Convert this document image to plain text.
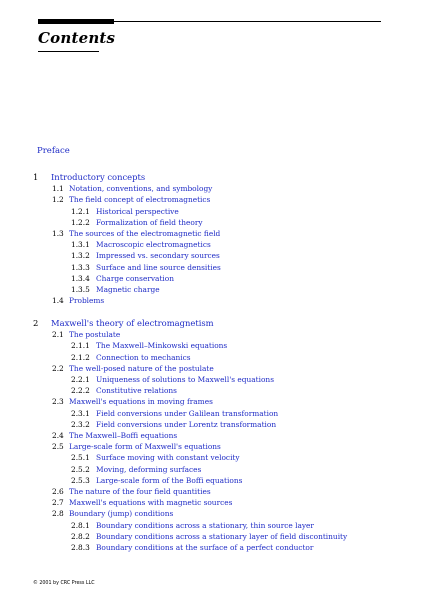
Contents
Preface
1 Introductory concepts
1.1 Notation, conventions, and symbology
1.2 The field concept of electromagnetics
1.2.1 Historical perspective
1.2.2 Formalization of field theory
1.3 The sources of the electromagnetic field
1.3.1 Macroscopic electromagnetics
1.3.2 Impressed vs. secondary sources
1.3.3 Surface and line source densities
1.3.4 Charge conservation
1.3.5 Magnetic charge
1.4 Problems
2 Maxwell's theory of electromagnetism
2.1 The postulate
2.1.1 The Maxwell–Minkowski equations
2.1.2 Connection to mechanics
2.2 The well-posed nature of the postulate
2.2.1 Uniqueness of solutions to Maxwell's equations
2.2.2 Constitutive relations
2.3 Maxwell's equations in moving frames
2.3.1 Field conversions under Galilean transformation
2.3.2 Field conversions under Lorentz transformation
2.4 The Maxwell–Boffi equations
2.5 Large-scale form of Maxwell's equations
2.5.1 Surface moving with constant velocity
2.5.2 Moving, deforming surfaces
2.5.3 Large-scale form of the Boffi equations
2.6 The nature of the four field quantities
2.7 Maxwell's equations with magnetic sources
2.8 Boundary (jump) conditions
2.8.1 Boundary conditions across a stationary, thin source layer
2.8.2 Boundary conditions across a stationary layer of field discontinuity
2.8.3 Boundary conditions at the surface of a perfect conductor
© 2001 by CRC Press LLC
